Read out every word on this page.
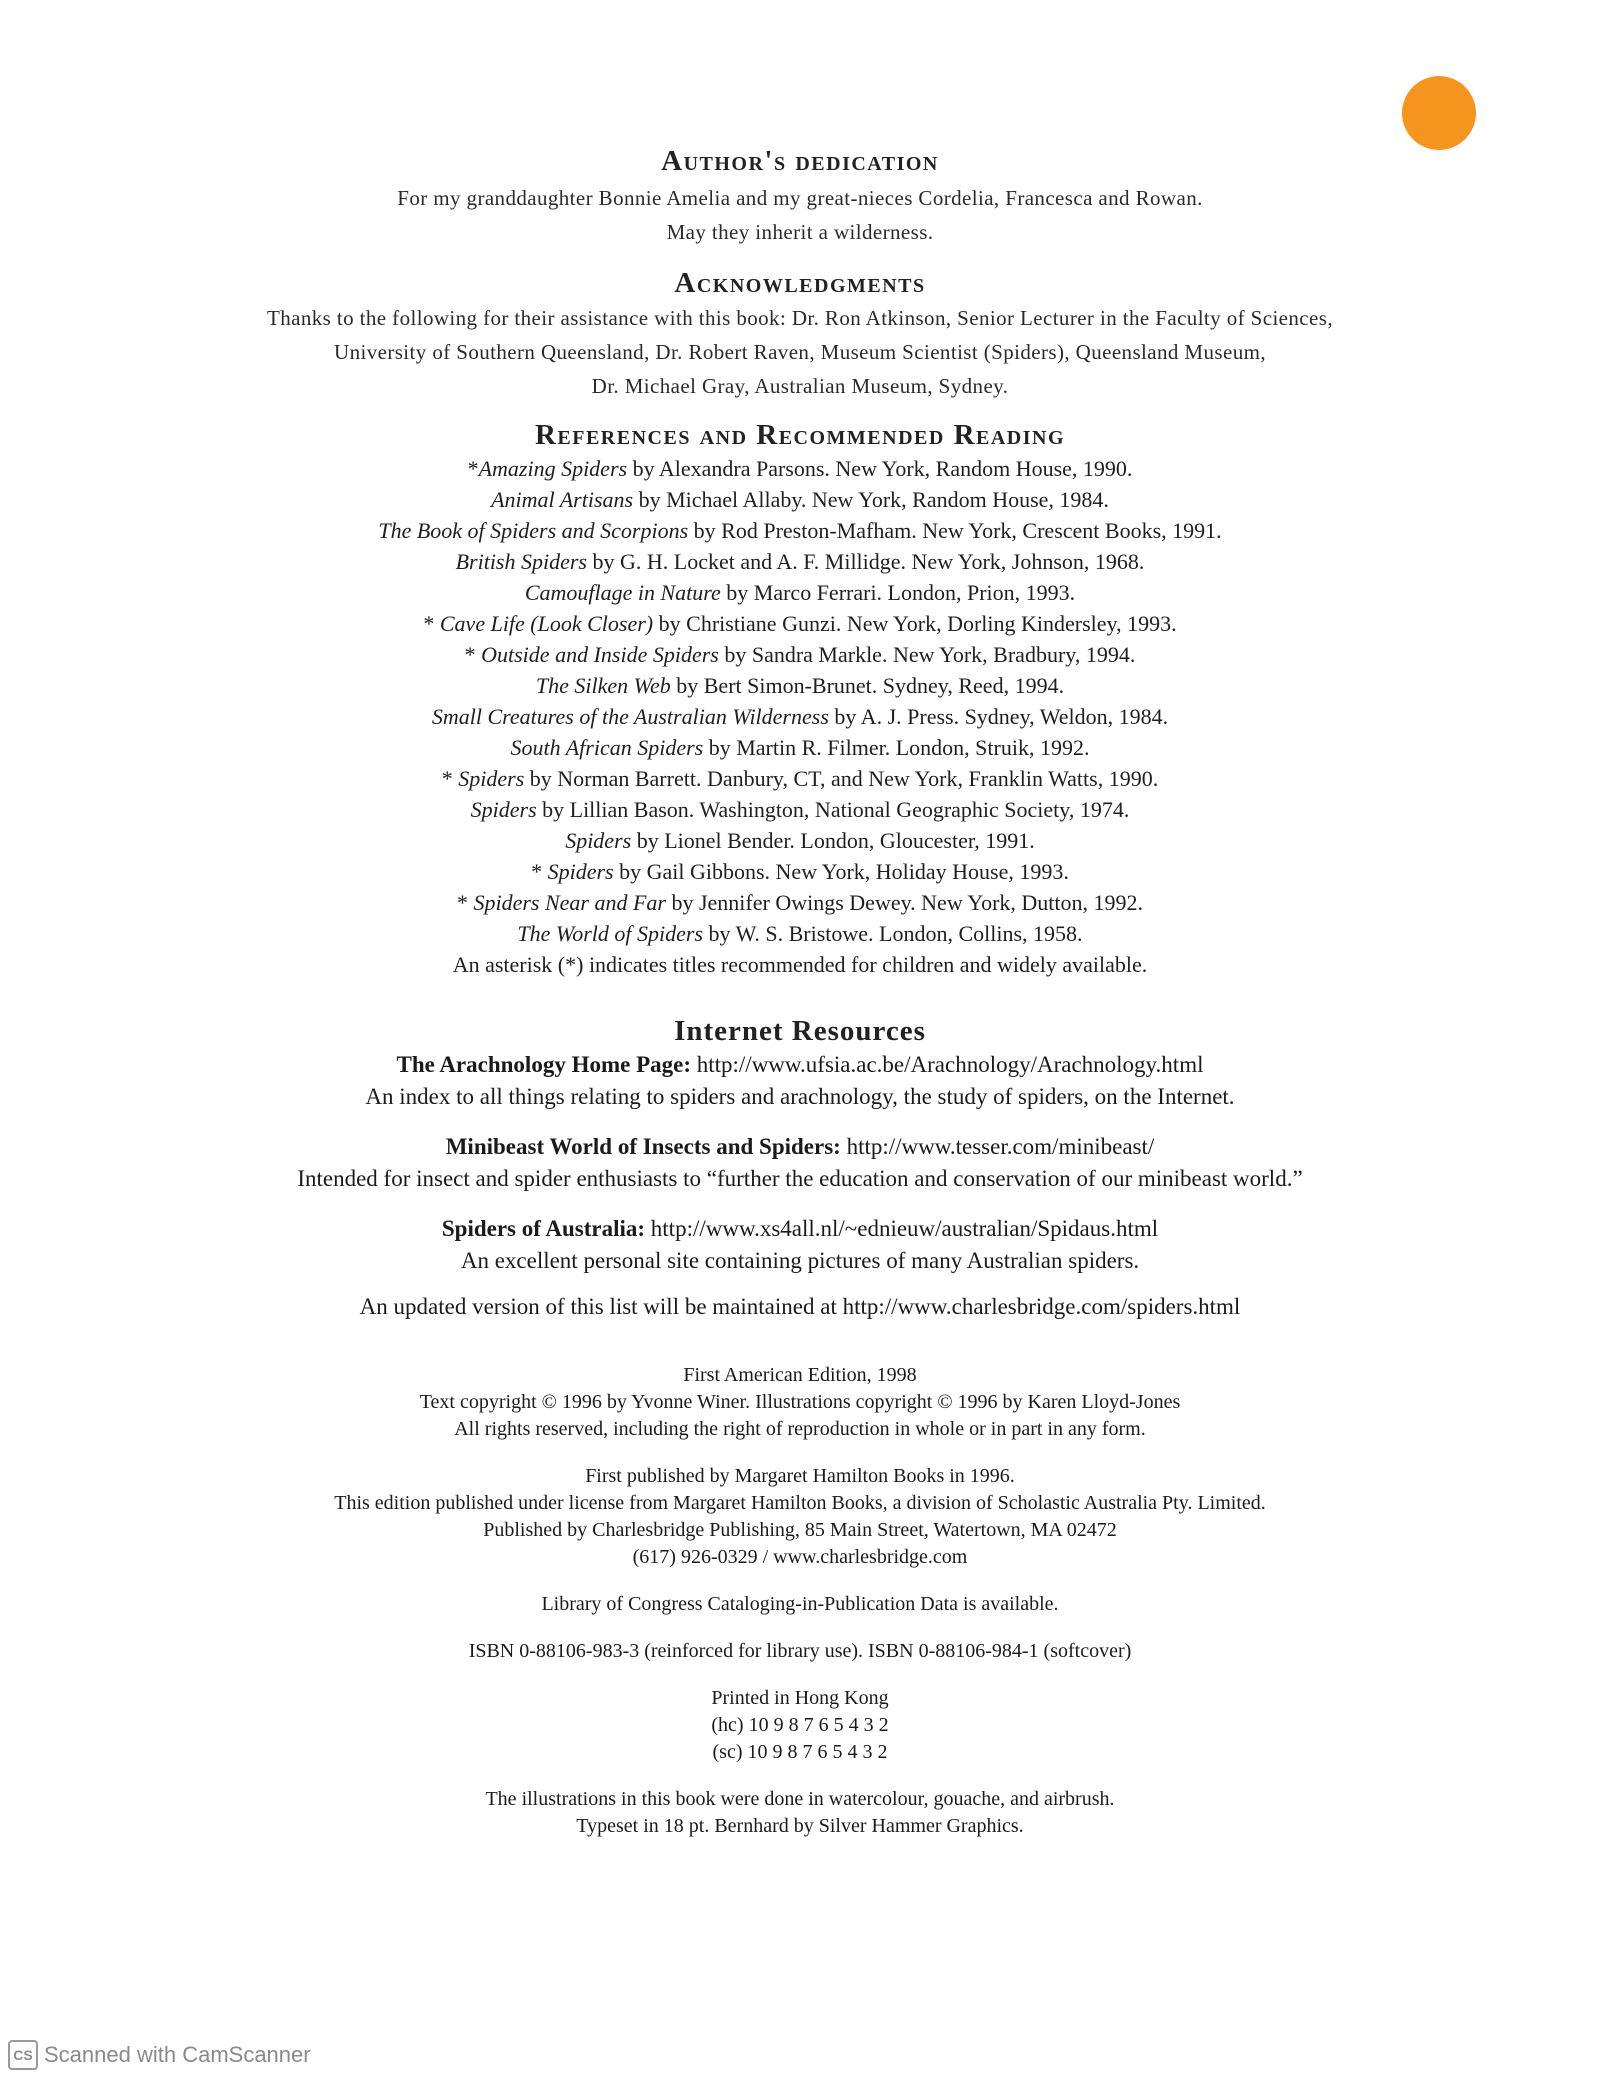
Author's dedication
For my granddaughter Bonnie Amelia and my great-nieces Cordelia, Francesca and Rowan.
May they inherit a wilderness.
Acknowledgments
Thanks to the following for their assistance with this book: Dr. Ron Atkinson, Senior Lecturer in the Faculty of Sciences,
University of Southern Queensland, Dr. Robert Raven, Museum Scientist (Spiders), Queensland Museum,
Dr. Michael Gray, Australian Museum, Sydney.
References and Recommended Reading
*Amazing Spiders by Alexandra Parsons. New York, Random House, 1990.
Animal Artisans by Michael Allaby. New York, Random House, 1984.
The Book of Spiders and Scorpions by Rod Preston-Mafham. New York, Crescent Books, 1991.
British Spiders by G. H. Locket and A. F. Millidge. New York, Johnson, 1968.
Camouflage in Nature by Marco Ferrari. London, Prion, 1993.
* Cave Life (Look Closer) by Christiane Gunzi. New York, Dorling Kindersley, 1993.
* Outside and Inside Spiders by Sandra Markle. New York, Bradbury, 1994.
The Silken Web by Bert Simon-Brunet. Sydney, Reed, 1994.
Small Creatures of the Australian Wilderness by A. J. Press. Sydney, Weldon, 1984.
South African Spiders by Martin R. Filmer. London, Struik, 1992.
* Spiders by Norman Barrett. Danbury, CT, and New York, Franklin Watts, 1990.
Spiders by Lillian Bason. Washington, National Geographic Society, 1974.
Spiders by Lionel Bender. London, Gloucester, 1991.
* Spiders by Gail Gibbons. New York, Holiday House, 1993.
* Spiders Near and Far by Jennifer Owings Dewey. New York, Dutton, 1992.
The World of Spiders by W. S. Bristowe. London, Collins, 1958.
An asterisk (*) indicates titles recommended for children and widely available.
Internet Resources
The Arachnology Home Page: http://www.ufsia.ac.be/Arachnology/Arachnology.html
An index to all things relating to spiders and arachnology, the study of spiders, on the Internet.
Minibeast World of Insects and Spiders: http://www.tesser.com/minibeast/
Intended for insect and spider enthusiasts to “further the education and conservation of our minibeast world.”
Spiders of Australia: http://www.xs4all.nl/~ednieuw/australian/Spidaus.html
An excellent personal site containing pictures of many Australian spiders.
An updated version of this list will be maintained at http://www.charlesbridge.com/spiders.html
First American Edition, 1998
Text copyright © 1996 by Yvonne Winer. Illustrations copyright © 1996 by Karen Lloyd-Jones
All rights reserved, including the right of reproduction in whole or in part in any form.
First published by Margaret Hamilton Books in 1996.
This edition published under license from Margaret Hamilton Books, a division of Scholastic Australia Pty. Limited.
Published by Charlesbridge Publishing, 85 Main Street, Watertown, MA 02472
(617) 926-0329 / www.charlesbridge.com
Library of Congress Cataloging-in-Publication Data is available.
ISBN 0-88106-983-3 (reinforced for library use). ISBN 0-88106-984-1 (softcover)
Printed in Hong Kong
(hc) 10 9 8 7 6 5 4 3 2
(sc) 10 9 8 7 6 5 4 3 2
The illustrations in this book were done in watercolour, gouache, and airbrush.
Typeset in 18 pt. Bernhard by Silver Hammer Graphics.
CS Scanned with CamScanner
